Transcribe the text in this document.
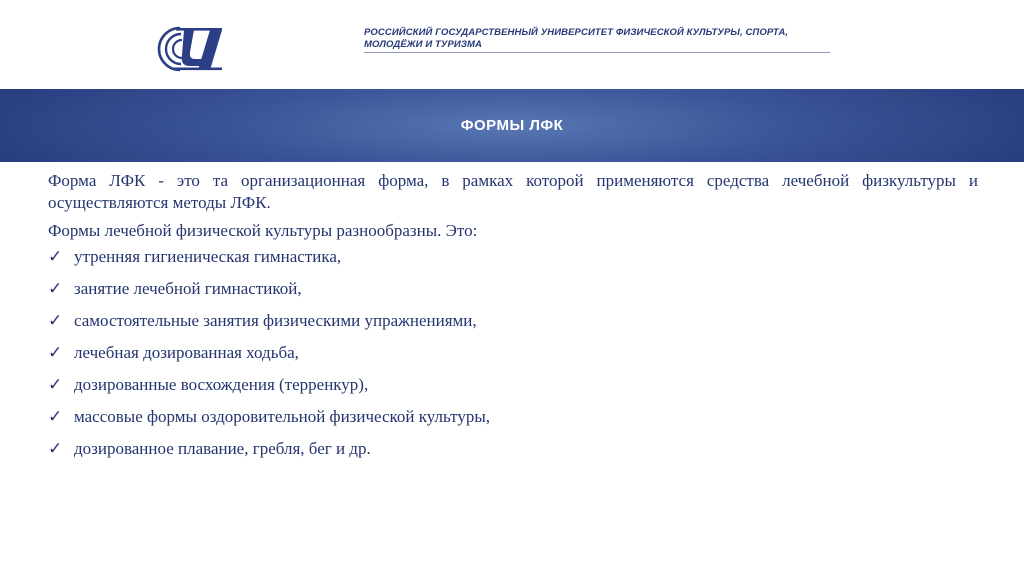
РОССИЙСКИЙ ГОСУДАРСТВЕННЫЙ УНИВЕРСИТЕТ ФИЗИЧЕСКОЙ КУЛЬТУРЫ, СПОРТА,
МОЛОДЁЖИ И ТУРИЗМА
ФОРМЫ ЛФК

Форма ЛФК - это та организационная форма, в рамках которой применяются средства лечебной физкультуры и осуществляются методы ЛФК.

Формы лечебной физической культуры разнообразны. Это:

✓ утренняя гигиеническая гимнастика,
✓ занятие лечебной гимнастикой,
✓ самостоятельные занятия физическими упражнениями,
✓ лечебная дозированная ходьба,
✓ дозированные восхождения (терренкур),
✓ массовые формы оздоровительной физической культуры,
✓ дозированное плавание, гребля, бег и др.
